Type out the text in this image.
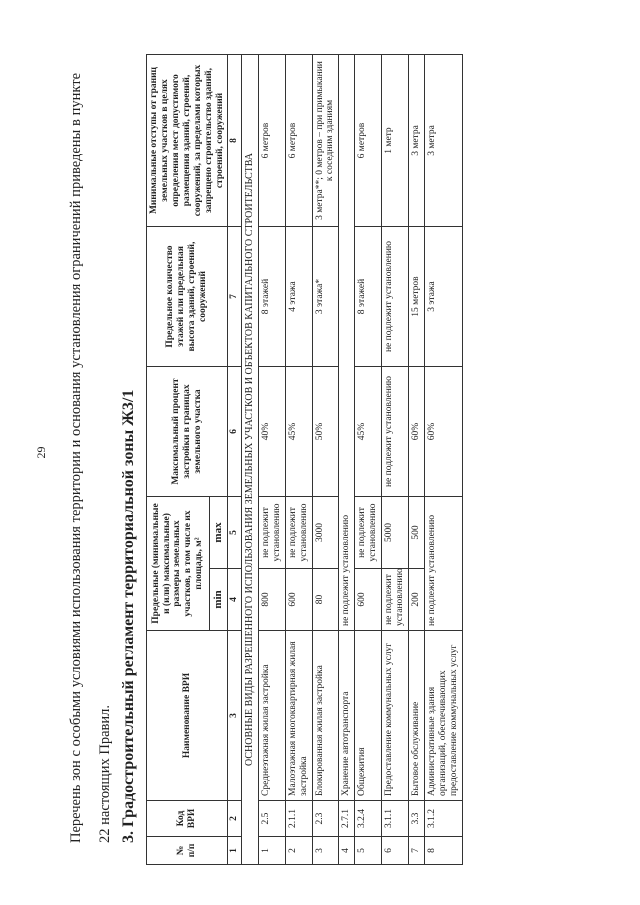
29	Перечень зон с особыми условиями использования территории и основания установления ограничений приведены в пункте 22 настоящих Правил. 3. Градостроительный регламент территориальной зоны Ж3/1
№ п/п	Код ВРИ	Наименование ВРИ	Предельные (минимальные и (или) максимальные) размеры земельных участков, в том числе их площадь, м²		Максимальный процент застройки в границах земельного участка	Предельное количество этажей или предельная высота зданий, строений, сооружений	Минимальные отступы от границ земельных участков в целях определения мест допустимого размещения зданий, строений, сооружений, за пределами которых запрещено строительство зданий, строений, сооружений
			min	max			
1	2	3	4	5	6	7	8
ОСНОВНЫЕ ВИДЫ РАЗРЕШЕННОГО ИСПОЛЬЗОВАНИЯ ЗЕМЕЛЬНЫХ УЧАСТКОВ И ОБЪЕКТОВ КАПИТАЛЬНОГО СТРОИТЕЛЬСТВА							
1	2.5	Среднеэтажная жилая застройка	800	не подлежит установлению	40%	8 этажей	6 метров
2	2.1.1	Малоэтажная многоквартирная жилая застройка	600	не подлежит установлению	45%	4 этажа	6 метров
3	2.3	Блокированная жилая застройка	80	3000	50%	3 этажа*	3 метра**; 0 метров – при примыкании к соседним зданиям
4	2.7.1	Хранение автотранспорта	не подлежит установлению				
5	3.2.4	Общежития	600	не подлежит установлению	45%	8 этажей	6 метров
6	3.1.1	Предоставление коммунальных услуг	не подлежит установлению	5000	не подлежит установлению	не подлежит установлению	1 метр
7	3.3	Бытовое обслуживание	200	500	60%	15 метров	3 метра
8	3.1.2	Административные здания организаций, обеспечивающих предоставление коммунальных услуг	не подлежит установлению		60%	3 этажа	3 метра
